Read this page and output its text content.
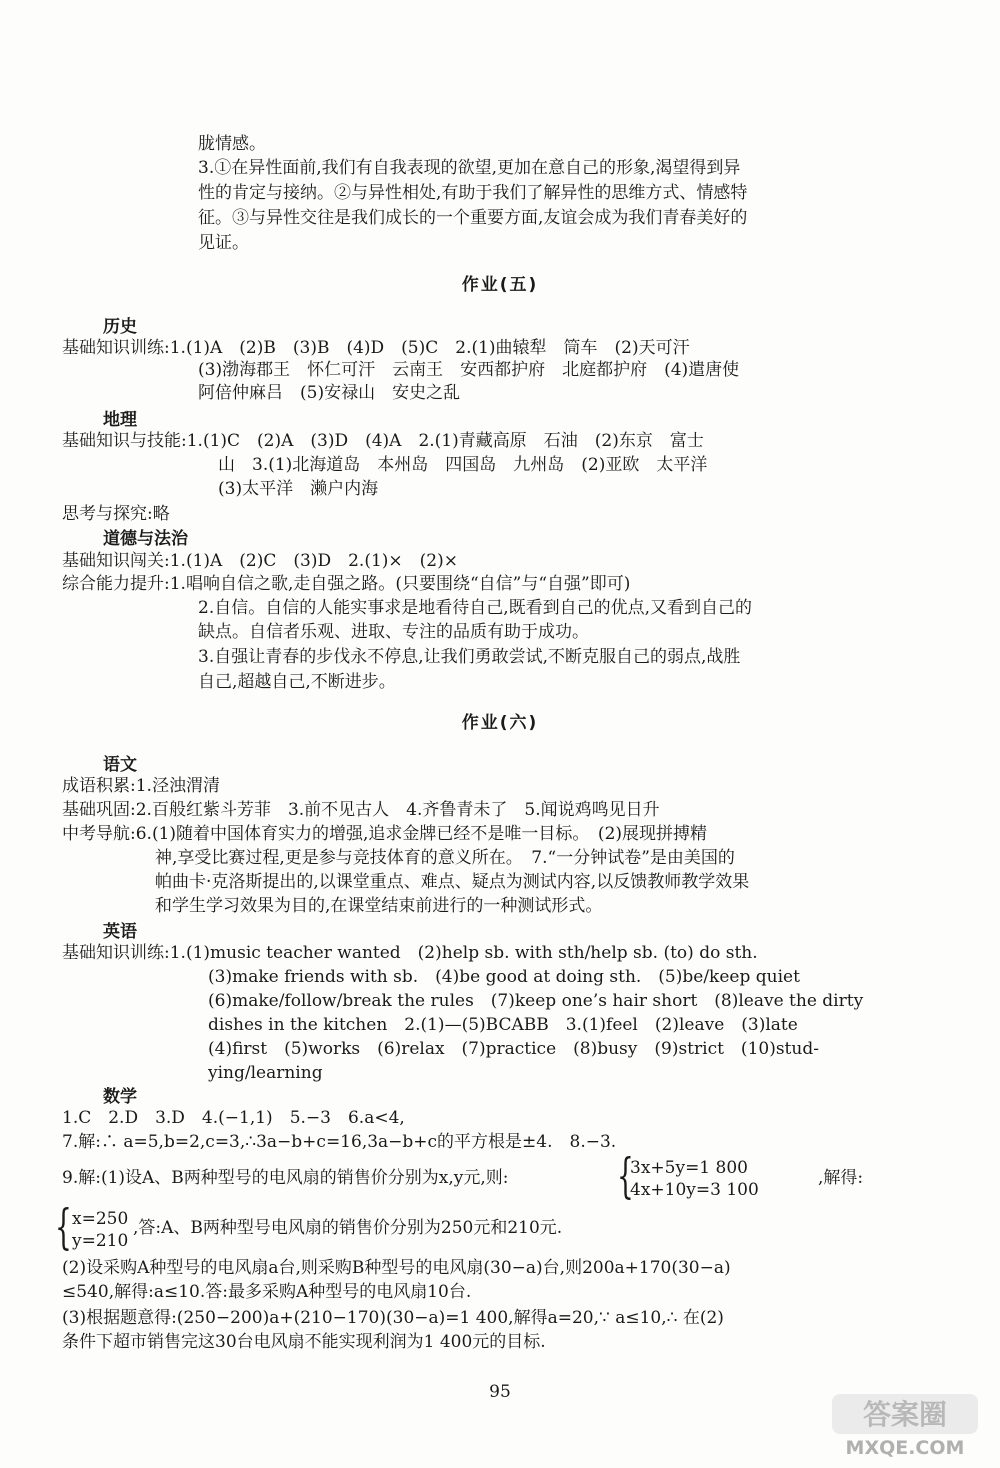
胧情感。

3.①在异性面前,我们有自我表现的欲望,更加在意自己的形象,渴望得到异

性的肯定与接纳。②与异性相处,有助于我们了解异性的思维方式、情感特

征。③与异性交往是我们成长的一个重要方面,友谊会成为我们青春美好的

见证。

作业(五)
历史

基础知识训练:1.(1)A　(2)B　(3)B　(4)D　(5)C　2.(1)曲辕犁　筒车　(2)天可汗

(3)渤海郡王　怀仁可汗　云南王　安西都护府　北庭都护府　(4)遣唐使

阿倍仲麻吕　(5)安禄山　安史之乱

地理

基础知识与技能:1.(1)C　(2)A　(3)D　(4)A　2.(1)青藏高原　石油　(2)东京　富士

山　3.(1)北海道岛　本州岛　四国岛　九州岛　(2)亚欧　太平洋

(3)太平洋　濑户内海

思考与探究:略

道德与法治

基础知识闯关:1.(1)A　(2)C　(3)D　2.(1)×　(2)×

综合能力提升:1.唱响自信之歌,走自强之路。(只要围绕“自信”与“自强”即可)

2.自信。自信的人能实事求是地看待自己,既看到自己的优点,又看到自己的

缺点。自信者乐观、进取、专注的品质有助于成功。

3.自强让青春的步伐永不停息,让我们勇敢尝试,不断克服自己的弱点,战胜

自己,超越自己,不断进步。

作业(六)
语文

成语积累:1.泾浊渭清

基础巩固:2.百般红紫斗芳菲　3.前不见古人　4.齐鲁青未了　5.闻说鸡鸣见日升

中考导航:6.(1)随着中国体育实力的增强,追求金牌已经不是唯一目标。　(2)展现拼搏精

神,享受比赛过程,更是参与竞技体育的意义所在。　7.“一分钟试卷”是由美国的

帕曲卡·克洛斯提出的,以课堂重点、难点、疑点为测试内容,以反馈教师教学效果

和学生学习效果为目的,在课堂结束前进行的一种测试形式。

英语

基础知识训练:1.(1)music teacher wanted　(2)help sb. with sth/help sb. (to) do sth.

(3)make friends with sb.　(4)be good at doing sth.　(5)be/keep quiet

(6)make/follow/break the rules　(7)keep one’s hair short　(8)leave the dirty

dishes in the kitchen　2.(1)—(5)BCABB　3.(1)feel　(2)leave　(3)late

(4)first　(5)works　(6)relax　(7)practice　(8)busy　(9)strict　(10)stud-

ying/learning

数学

1.C　2.D　3.D　4.(−1,1)　5.−3　6.a<4,

7.解:∴ a=5,b=2,c=3,∴3a−b+c=16,3a−b+c的平方根是±4.　8.−3.

9.解:(1)设A、B两种型号的电风扇的销售价分别为x,y元,则: {
3x+5y=1 800
4x+10y=3 100

,解得:

{ x=250
y=210

,答:A、B两种型号电风扇的销售价分别为250元和210元.

(2)设采购A种型号的电风扇a台,则采购B种型号的电风扇(30−a)台,则200a+170(30−a)

≤540,解得:a≤10.答:最多采购A种型号的电风扇10台.

(3)根据题意得:(250−200)a+(210−170)(30−a)=1 400,解得a=20,∵ a≤10,∴ 在(2)

条件下超市销售完这30台电风扇不能实现利润为1 400元的目标.

95
答案圈
MXQE.COM
